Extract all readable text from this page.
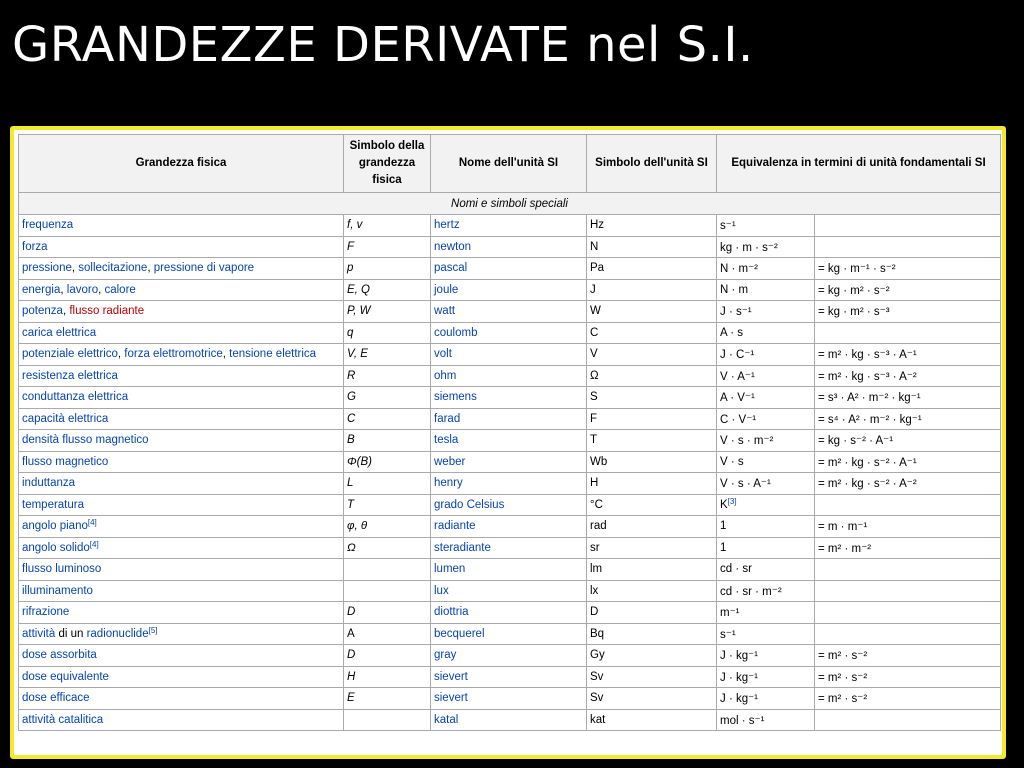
GRANDEZZE DERIVATE nel S.I.
Grandezza fisica	Simbolo della grandezza fisica	Nome dell'unità SI	Simbolo dell'unità SI	Equivalenza in termini di unità fondamentali SI	
Nomi e simboli speciali					
frequenza	f, v	hertz	Hz	s⁻¹	
forza	F	newton	N	kg · m · s⁻²	
pressione, sollecitazione, pressione di vapore	p	pascal	Pa	N · m⁻²	= kg · m⁻¹ · s⁻²
energia, lavoro, calore	E, Q	joule	J	N · m	= kg · m² · s⁻²
potenza, flusso radiante	P, W	watt	W	J · s⁻¹	= kg · m² · s⁻³
carica elettrica	q	coulomb	C	A · s	
potenziale elettrico, forza elettromotrice, tensione elettrica	V, E	volt	V	J · C⁻¹	= m² · kg · s⁻³ · A⁻¹
resistenza elettrica	R	ohm	Ω	V · A⁻¹	= m² · kg · s⁻³ · A⁻²
conduttanza elettrica	G	siemens	S	A · V⁻¹	= s³ · A² · m⁻² · kg⁻¹
capacità elettrica	C	farad	F	C · V⁻¹	= s⁴ · A² · m⁻² · kg⁻¹
densità flusso magnetico	B	tesla	T	V · s · m⁻²	= kg · s⁻² · A⁻¹
flusso magnetico	Φ(B)	weber	Wb	V · s	= m² · kg · s⁻² · A⁻¹
induttanza	L	henry	H	V · s · A⁻¹	= m² · kg · s⁻² · A⁻²
temperatura	T	grado Celsius	°C	K[3]	
angolo piano[4]	φ, θ	radiante	rad	1	= m · m⁻¹
angolo solido[4]	Ω	steradiante	sr	1	= m² · m⁻²
flusso luminoso		lumen	lm	cd · sr	
illuminamento		lux	lx	cd · sr · m⁻²	
rifrazione	D	diottria	D	m⁻¹	
attività di un radionuclide[5]	A	becquerel	Bq	s⁻¹	
dose assorbita	D	gray	Gy	J · kg⁻¹	= m² · s⁻²
dose equivalente	H	sievert	Sv	J · kg⁻¹	= m² · s⁻²
dose efficace	E	sievert	Sv	J · kg⁻¹	= m² · s⁻²
attività catalitica		katal	kat	mol · s⁻¹	
